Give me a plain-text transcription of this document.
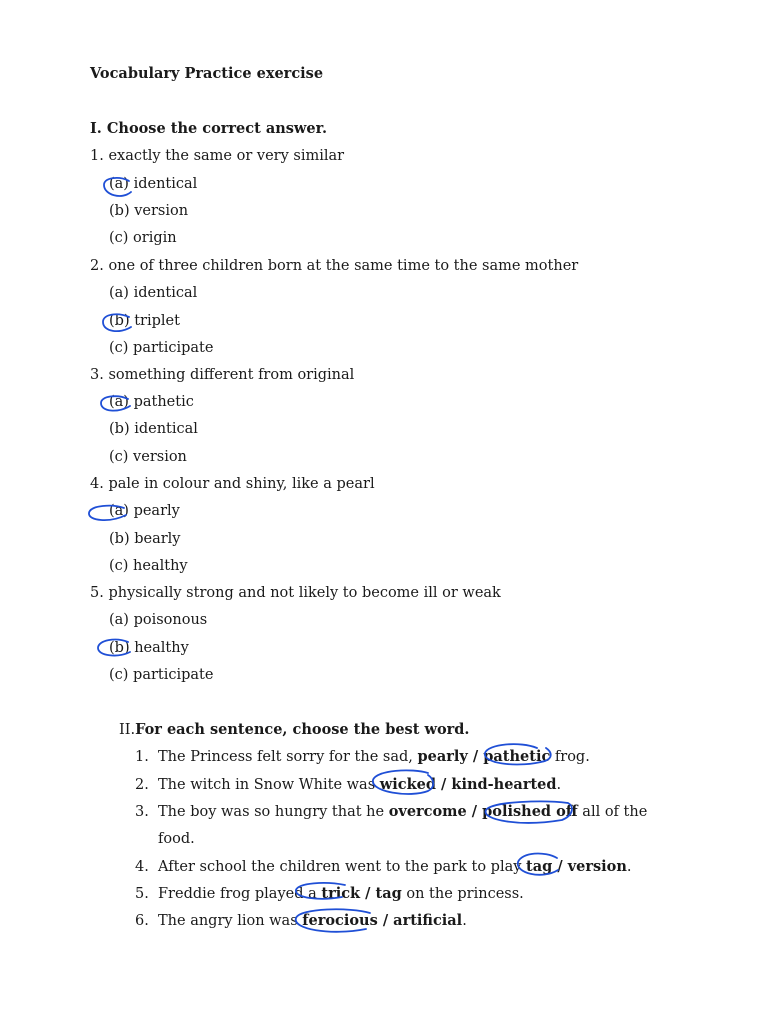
Vocabulary Practice exercise
I. Choose the correct answer.
1. exactly the same or very similar
(a) identical
(b) version
(c) origin
2. one of three children born at the same time to the same mother
(a) identical
(b) triplet
(c) participate
3. something different from original
(a) pathetic
(b) identical
(c) version
4. pale in colour and shiny, like a pearl
(a) pearly
(b) bearly
(c) healthy
5. physically strong and not likely to become ill or weak
(a) poisonous
(b) healthy
(c) participate
II.For each sentence, choose the best word.
1. The Princess felt sorry for the sad, pearly / pathetic frog.
2. The witch in Snow White was wicked / kind-hearted.
3. The boy was so hungry that he overcome / polished off all of the
food.
4. After school the children went to the park to play tag / version.
5. Freddie frog played a trick / tag on the princess.
6. The angry lion was ferocious / artificial.
